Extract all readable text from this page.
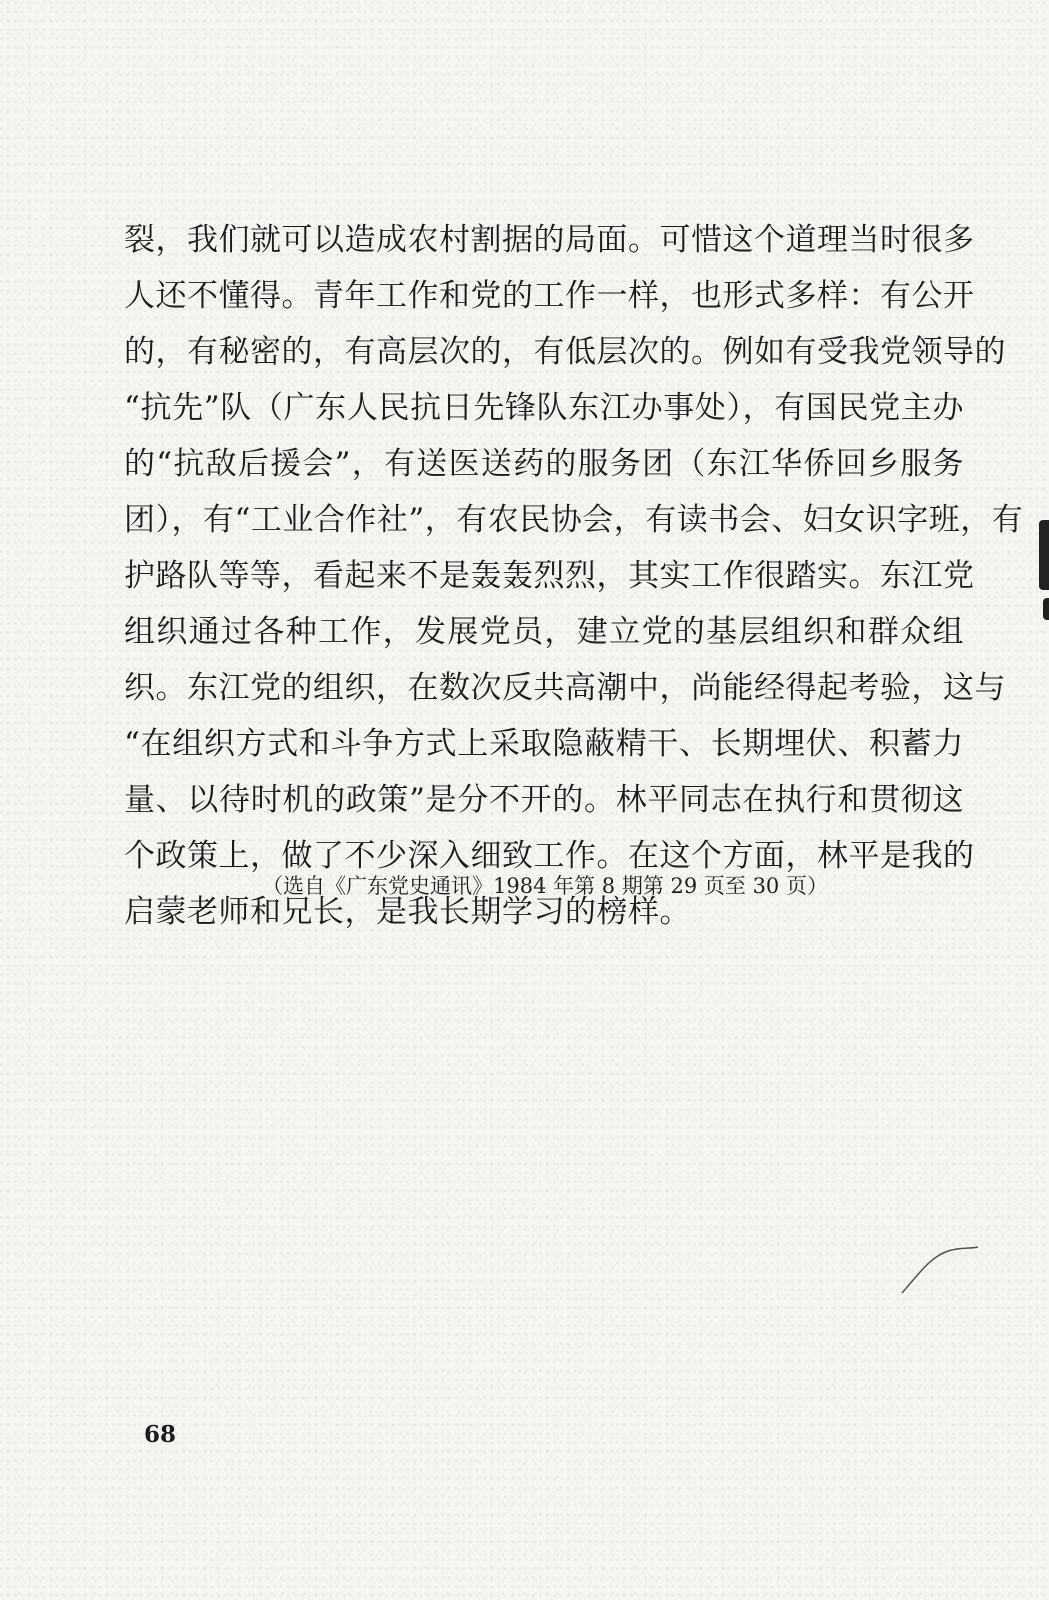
裂，我们就可以造成农村割据的局面。可惜这个道理当时很多
人还不懂得。青年工作和党的工作一样，也形式多样：有公开
的，有秘密的，有高层次的，有低层次的。例如有受我党领导的
“抗先”队（广东人民抗日先锋队东江办事处），有国民党主办
的“抗敌后援会”，有送医送药的服务团（东江华侨回乡服务
团），有“工业合作社”，有农民协会，有读书会、妇女识字班，有
护路队等等，看起来不是轰轰烈烈，其实工作很踏实。东江党
组织通过各种工作，发展党员，建立党的基层组织和群众组
织。东江党的组织，在数次反共高潮中，尚能经得起考验，这与
“在组织方式和斗争方式上采取隐蔽精干、长期埋伏、积蓄力
量、以待时机的政策”是分不开的。林平同志在执行和贯彻这
个政策上，做了不少深入细致工作。在这个方面，林平是我的
启蒙老师和兄长，是我长期学习的榜样。
（选自《广东党史通讯》1984 年第 8 期第 29 页至 30 页）
68
